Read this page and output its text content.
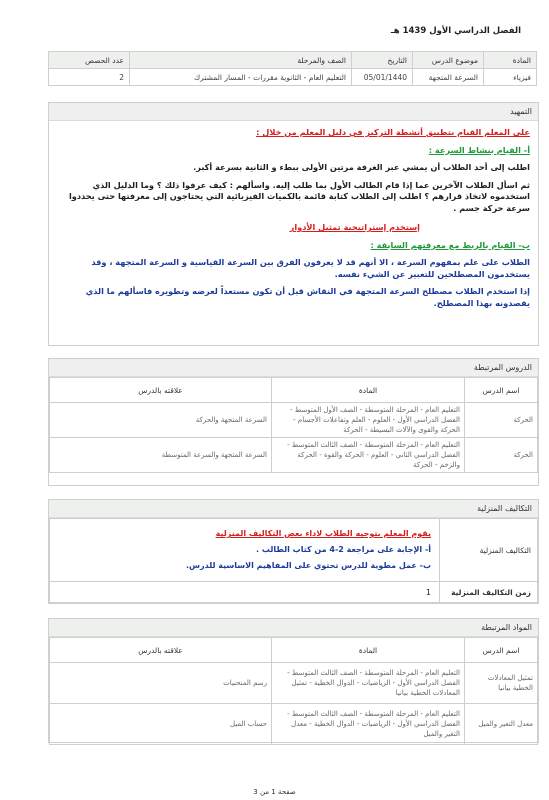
الفصل الدراسي الأول 1439 هـ
المادة	موضوع الدرس	التاريخ	الصف والمرحلة	عدد الحصص
فيزياء	السرعة المتجهة	05/01/1440	التعليم العام - الثانوية مقررات - المسار المشترك	2
التمهيد

على المعلم القيام بتطبيق أنشطة التركيز في دليل المعلم من خلال :

أ- القيام بنشاط السرعة :

اطلب إلى أحد الطلاب أن يمشي عبر الغرفة مرتين الأولى ببطء و الثانية بسرعة أكبر.

ثم اسأل الطلاب الآخرين عما إذا قام الطالب الأول بما طلب إليه. واسألهم : كيف عرفوا ذلك ؟ وما الدليل الذي استخدموه لاتخاذ قرارهم ؟ اطلب إلى الطلاب كتابة قائمة بالكميات الفيزيائية التي يحتاجون إلى معرفتها حتى يحددوا سرعة حركة جسم .

إستخدم إستراتيجية تمثيل الأدوار

ب- القيام بالربط مع معرفتهم السابقة :

الطلاب على علم بمفهوم السرعة ، الا أنهم قد لا يعرفون الفرق بين السرعة القياسية و السرعة المتجهة ، وقد يستخدمون المصطلحين للتعبير عن الشيء نفسه.

إذا استخدم الطلاب مصطلح السرعة المتجهة في النقاش قبل أن تكون مستعداً لعرضه وتطويره فاسألهم ما الذي يقصدونه بهذا المصطلح.

الدروس المرتبطة
اسم الدرس	المادة	علاقته بالدرس
الحركة	التعليم العام - المرحلة المتوسطة - الصف الأول المتوسط - الفصل الدراسي الأول - العلوم - العلم وتفاعلات الأجسام - الحركة والقوى والآلات البسيطة - الحركة	السرعة المتجهة والحركة
الحركة	التعليم العام - المرحلة المتوسطة - الصف الثالث المتوسط - الفصل الدراسي الثاني - العلوم - الحركة والقوة - الحركة والزخم - الحركة	السرعة المتجهة والسرعة المتوسطة
التكاليف المنزلية
التكاليف المنزلية	يقوم المعلم بتوجيه الطلاب لاداء بعض التكاليف المنزلية
أ- الإجابة على مراجعة 2-4 من كتاب الطالب .
ب- عمل مطوية للدرس تحتوي على المفاهيم الاساسية للدرس.

زمن التكاليف المنزلية	1
المواد المرتبطة
اسم الدرس	المادة	علاقته بالدرس
تمثيل المعادلات الخطية بيانيا	التعليم العام - المرحلة المتوسطة - الصف الثالث المتوسط - الفصل الدراسي الأول - الرياضيات - الدوال الخطية - تمثيل المعادلات الخطية بيانيا	رسم المنحنيات
معدل التغير والميل	التعليم العام - المرحلة المتوسطة - الصف الثالث المتوسط - الفصل الدراسي الأول - الرياضيات - الدوال الخطية - معدل التغير والميل	حساب الميل
صفحة 1 من 3
